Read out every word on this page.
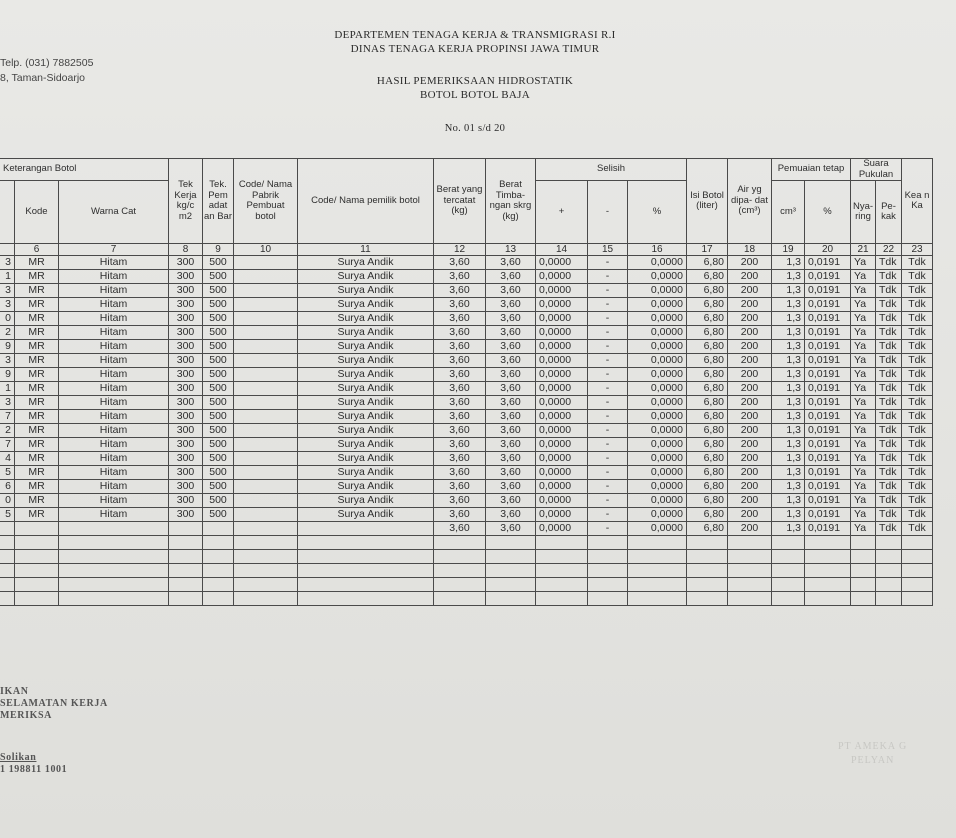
Telp. (031) 7882505
8, Taman-Sidoarjo
DEPARTEMEN TENAGA KERJA & TRANSMIGRASI R.I
DINAS TENAGA KERJA PROPINSI JAWA TIMUR
HASIL PEMERIKSAAN HIDROSTATIK
BOTOL BOTOL BAJA
No. 01 s/d 20
Keterangan Botol			Tek Kerja kg/c m2	Tek. Pem adat an Bar	Code/ Nama Pabrik Pembuat botol	Code/ Nama pemilik botol	Berat yang tercatat (kg)	Berat Timba- ngan skrg (kg)	Selisih			Isi Botol (liter)	Air yg dipa- dat (cm³)	Pemuaian tetap		Suara Pukulan		Kea n Ka
	Kode	Warna Cat							+	-	%			cm³	%	Nya- ring	Pe- kak	
	6	7	8	9	10	11	12	13	14	15	16	17	18	19	20	21	22	23
3	MR	Hitam	300	500		Surya Andik	3,60	3,60	0,0000	-	0,0000	6,80	200	1,3	0,0191	Ya	Tdk	Tdk
1	MR	Hitam	300	500		Surya Andik	3,60	3,60	0,0000	-	0,0000	6,80	200	1,3	0,0191	Ya	Tdk	Tdk
3	MR	Hitam	300	500		Surya Andik	3,60	3,60	0,0000	-	0,0000	6,80	200	1,3	0,0191	Ya	Tdk	Tdk
3	MR	Hitam	300	500		Surya Andik	3,60	3,60	0,0000	-	0,0000	6,80	200	1,3	0,0191	Ya	Tdk	Tdk
0	MR	Hitam	300	500		Surya Andik	3,60	3,60	0,0000	-	0,0000	6,80	200	1,3	0,0191	Ya	Tdk	Tdk
2	MR	Hitam	300	500		Surya Andik	3,60	3,60	0,0000	-	0,0000	6,80	200	1,3	0,0191	Ya	Tdk	Tdk
9	MR	Hitam	300	500		Surya Andik	3,60	3,60	0,0000	-	0,0000	6,80	200	1,3	0,0191	Ya	Tdk	Tdk
3	MR	Hitam	300	500		Surya Andik	3,60	3,60	0,0000	-	0,0000	6,80	200	1,3	0,0191	Ya	Tdk	Tdk
9	MR	Hitam	300	500		Surya Andik	3,60	3,60	0,0000	-	0,0000	6,80	200	1,3	0,0191	Ya	Tdk	Tdk
1	MR	Hitam	300	500		Surya Andik	3,60	3,60	0,0000	-	0,0000	6,80	200	1,3	0,0191	Ya	Tdk	Tdk
3	MR	Hitam	300	500		Surya Andik	3,60	3,60	0,0000	-	0,0000	6,80	200	1,3	0,0191	Ya	Tdk	Tdk
7	MR	Hitam	300	500		Surya Andik	3,60	3,60	0,0000	-	0,0000	6,80	200	1,3	0,0191	Ya	Tdk	Tdk
2	MR	Hitam	300	500		Surya Andik	3,60	3,60	0,0000	-	0,0000	6,80	200	1,3	0,0191	Ya	Tdk	Tdk
7	MR	Hitam	300	500		Surya Andik	3,60	3,60	0,0000	-	0,0000	6,80	200	1,3	0,0191	Ya	Tdk	Tdk
4	MR	Hitam	300	500		Surya Andik	3,60	3,60	0,0000	-	0,0000	6,80	200	1,3	0,0191	Ya	Tdk	Tdk
5	MR	Hitam	300	500		Surya Andik	3,60	3,60	0,0000	-	0,0000	6,80	200	1,3	0,0191	Ya	Tdk	Tdk
6	MR	Hitam	300	500		Surya Andik	3,60	3,60	0,0000	-	0,0000	6,80	200	1,3	0,0191	Ya	Tdk	Tdk
0	MR	Hitam	300	500		Surya Andik	3,60	3,60	0,0000	-	0,0000	6,80	200	1,3	0,0191	Ya	Tdk	Tdk
5	MR	Hitam	300	500		Surya Andik	3,60	3,60	0,0000	-	0,0000	6,80	200	1,3	0,0191	Ya	Tdk	Tdk
							3,60	3,60	0,0000	-	0,0000	6,80	200	1,3	0,0191	Ya	Tdk	Tdk

IKAN
SELAMATAN KERJA
MERIKSA
Solikan
1 198811 1001
PT AMEKA G
PELYAN
